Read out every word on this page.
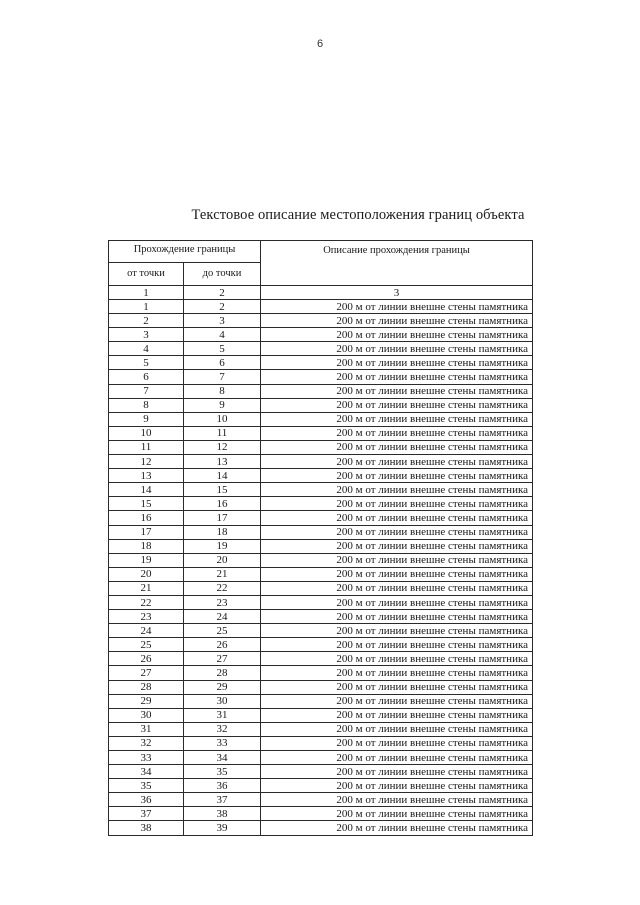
6
Текстовое описание местоположения границ объекта
Прохождение границы		Описание прохождения границы
от точки	до точки	
1	2	3
1	2	200 м от линии внешне стены памятника
2	3	200 м от линии внешне стены памятника
3	4	200 м от линии внешне стены памятника
4	5	200 м от линии внешне стены памятника
5	6	200 м от линии внешне стены памятника
6	7	200 м от линии внешне стены памятника
7	8	200 м от линии внешне стены памятника
8	9	200 м от линии внешне стены памятника
9	10	200 м от линии внешне стены памятника
10	11	200 м от линии внешне стены памятника
11	12	200 м от линии внешне стены памятника
12	13	200 м от линии внешне стены памятника
13	14	200 м от линии внешне стены памятника
14	15	200 м от линии внешне стены памятника
15	16	200 м от линии внешне стены памятника
16	17	200 м от линии внешне стены памятника
17	18	200 м от линии внешне стены памятника
18	19	200 м от линии внешне стены памятника
19	20	200 м от линии внешне стены памятника
20	21	200 м от линии внешне стены памятника
21	22	200 м от линии внешне стены памятника
22	23	200 м от линии внешне стены памятника
23	24	200 м от линии внешне стены памятника
24	25	200 м от линии внешне стены памятника
25	26	200 м от линии внешне стены памятника
26	27	200 м от линии внешне стены памятника
27	28	200 м от линии внешне стены памятника
28	29	200 м от линии внешне стены памятника
29	30	200 м от линии внешне стены памятника
30	31	200 м от линии внешне стены памятника
31	32	200 м от линии внешне стены памятника
32	33	200 м от линии внешне стены памятника
33	34	200 м от линии внешне стены памятника
34	35	200 м от линии внешне стены памятника
35	36	200 м от линии внешне стены памятника
36	37	200 м от линии внешне стены памятника
37	38	200 м от линии внешне стены памятника
38	39	200 м от линии внешне стены памятника
